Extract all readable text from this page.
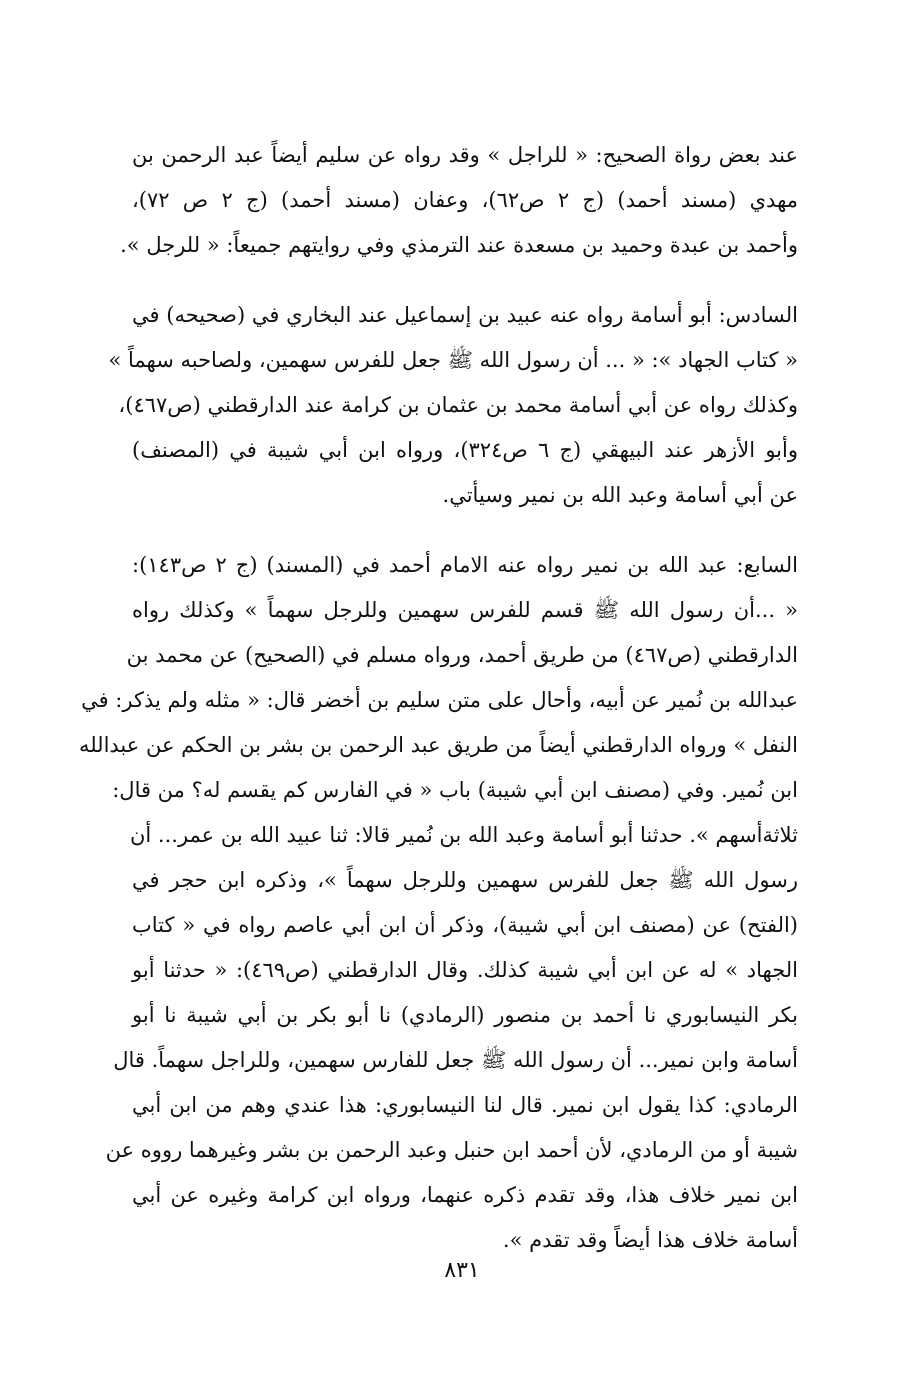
عند بعض رواة الصحيح: « للراجل » وقد رواه عن سليم أيضاً عبد الرحمن بن
مهدي (مسند أحمد) (ج ٢ ص٦٢)، وعفان (مسند أحمد) (ج ٢ ص ٧٢)،
وأحمد بن عبدة وحميد بن مسعدة عند الترمذي وفي روايتهم جميعاً: « للرجل ».
السادس: أبو أسامة رواه عنه عبيد بن إسماعيل عند البخاري في (صحيحه) في
« كتاب الجهاد »: « ... أن رسول الله ﷺ جعل للفرس سهمين، ولصاحبه سهماً »
وكذلك رواه عن أبي أسامة محمد بن عثمان بن كرامة عند الدارقطني (ص٤٦٧)،
وأبو الأزهر عند البيهقي (ج ٦ ص٣٢٤)، ورواه ابن أبي شيبة في (المصنف)
عن أبي أسامة وعبد الله بن نمير وسيأتي.
السابع: عبد الله بن نمير رواه عنه الامام أحمد في (المسند) (ج ٢ ص١٤٣):
« ...أن رسول الله ﷺ قسم للفرس سهمين وللرجل سهماً » وكذلك رواه
الدارقطني (ص٤٦٧) من طريق أحمد، ورواه مسلم في (الصحيح) عن محمد بن
عبدالله بن نُمير عن أبيه، وأحال على متن سليم بن أخضر قال: « مثله ولم يذكر: في
النفل » ورواه الدارقطني أيضاً من طريق عبد الرحمن بن بشر بن الحكم عن عبدالله
ابن نُمير. وفي (مصنف ابن أبي شيبة) باب « في الفارس كم يقسم له؟ من قال:
ثلاثةأسهم ». حدثنا أبو أسامة وعبد الله بن نُمير قالا: ثنا عبيد الله بن عمر... أن
رسول الله ﷺ جعل للفرس سهمين وللرجل سهماً »، وذكره ابن حجر في
(الفتح) عن (مصنف ابن أبي شيبة)، وذكر أن ابن أبي عاصم رواه في « كتاب
الجهاد » له عن ابن أبي شيبة كذلك. وقال الدارقطني (ص٤٦٩): « حدثنا أبو
بكر النيسابوري نا أحمد بن منصور (الرمادي) نا أبو بكر بن أبي شيبة نا أبو
أسامة وابن نمير... أن رسول الله ﷺ جعل للفارس سهمين، وللراجل سهماً. قال
الرمادي: كذا يقول ابن نمير. قال لنا النيسابوري: هذا عندي وهم من ابن أبي
شيبة أو من الرمادي، لأن أحمد ابن حنبل وعبد الرحمن بن بشر وغيرهما رووه عن
ابن نمير خلاف هذا، وقد تقدم ذكره عنهما، ورواه ابن كرامة وغيره عن أبي
أسامة خلاف هذا أيضاً وقد تقدم ».
٨٣١
